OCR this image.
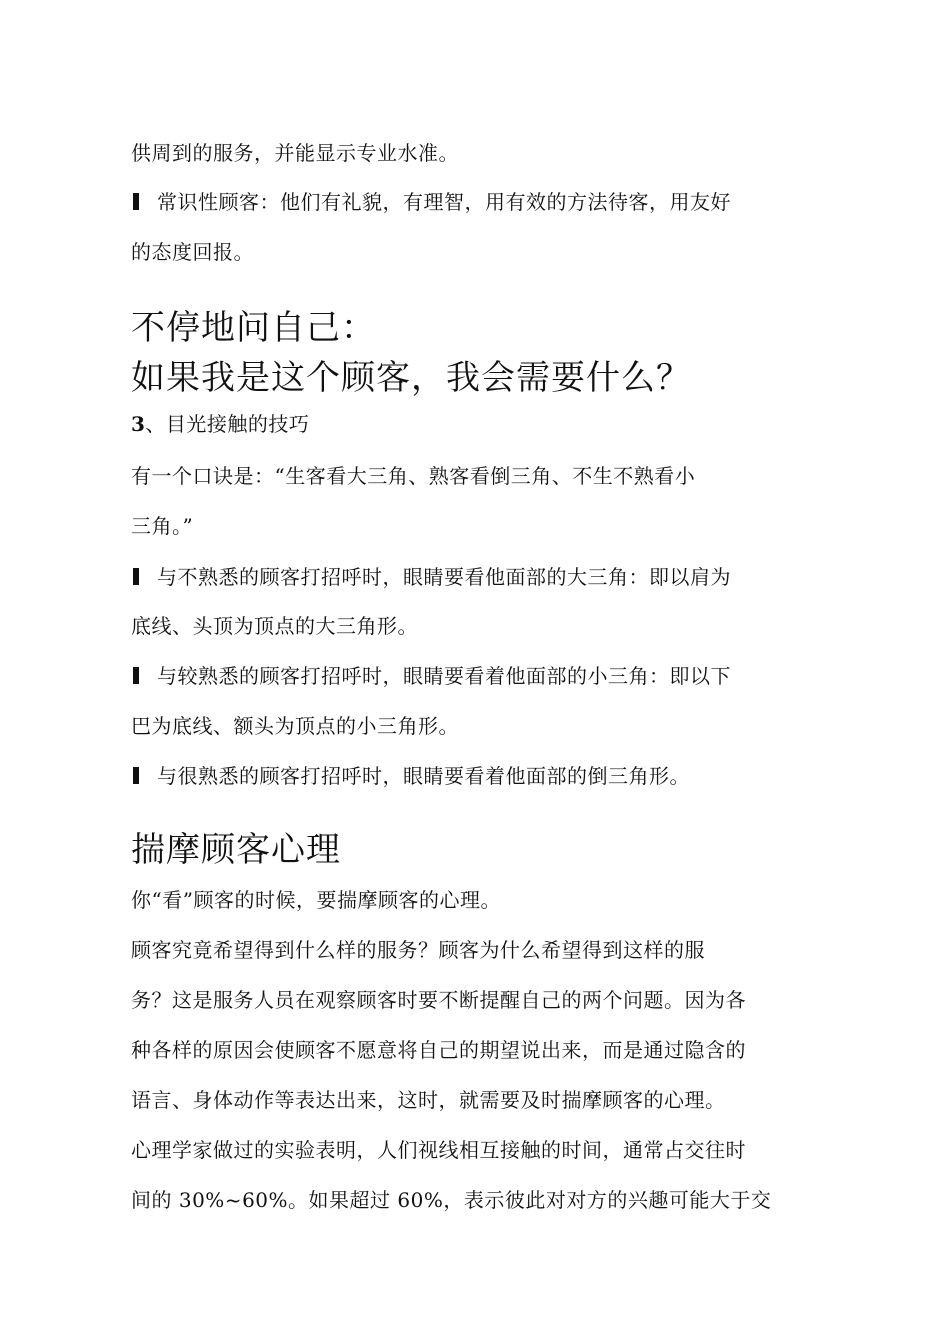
供周到的服务，并能显示专业水准。
常识性顾客：他们有礼貌，有理智，用有效的方法待客，用友好
的态度回报。
不停地问自己：
如果我是这个顾客，我会需要什么？
3、目光接触的技巧
有一个口诀是：“生客看大三角、熟客看倒三角、不生不熟看小
三角。”
与不熟悉的顾客打招呼时，眼睛要看他面部的大三角：即以肩为
底线、头顶为顶点的大三角形。
与较熟悉的顾客打招呼时，眼睛要看着他面部的小三角：即以下
巴为底线、额头为顶点的小三角形。
与很熟悉的顾客打招呼时，眼睛要看着他面部的倒三角形。
揣摩顾客心理
你“看”顾客的时候，要揣摩顾客的心理。
顾客究竟希望得到什么样的服务？顾客为什么希望得到这样的服
务？这是服务人员在观察顾客时要不断提醒自己的两个问题。因为各
种各样的原因会使顾客不愿意将自己的期望说出来，而是通过隐含的
语言、身体动作等表达出来，这时，就需要及时揣摩顾客的心理。
心理学家做过的实验表明，人们视线相互接触的时间，通常占交往时
间的 30%~60%。如果超过 60%，表示彼此对对方的兴趣可能大于交
